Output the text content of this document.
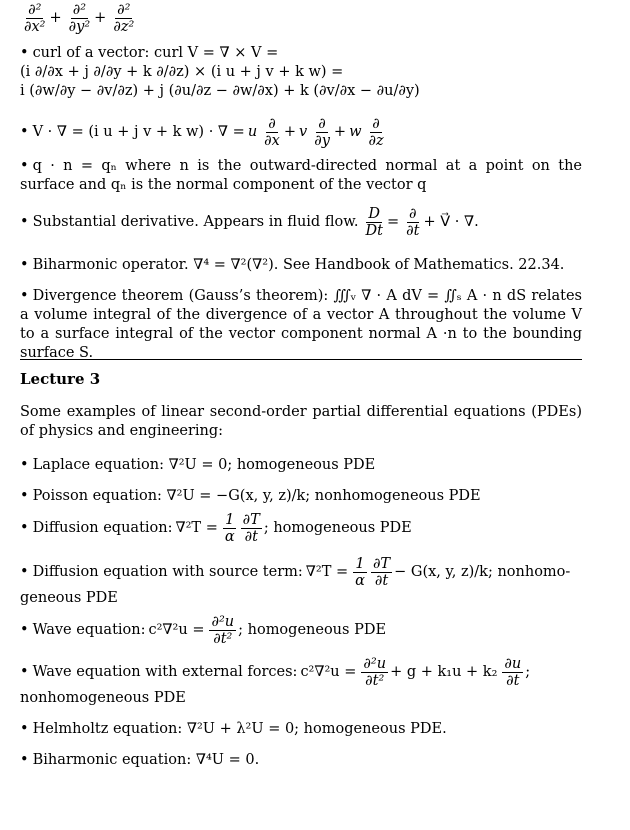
$\frac{\text{∂²}}{\text{∂x²}} + \frac{\text{∂²}}{\text{∂y²}} + \frac{\text{∂²}}{\text{∂z²}}$
• curl of a vector: curl V = ∇ × V =
(i ∂/∂x + j ∂/∂y + k ∂/∂z) × (i u + j v + k w) =
i (∂w/∂y − ∂v/∂z) + j (∂u/∂z − ∂w/∂x) + k (∂v/∂x − ∂u/∂y)
• V · ∇ = (i u + j v + k w) · ∇ = u $\frac{\partial}{\partial x} + v \frac{\partial}{\partial y} + w \frac{\partial}{\partial z}$
• q · n = qₙ where n is the outward-directed normal at a point on the surface and qₙ is the normal component of the vector q
• Substantial derivative. Appears in fluid flow. $\frac{D}{Dt} = \frac{\partial}{\partial t}$ + V⃗ · ∇.
• Biharmonic operator. ∇⁴ = ∇²(∇²). See Handbook of Mathematics. 22.34.
• Divergence theorem (Gauss’s theorem): ∭ᵥ ∇ · A dV = ∬ₛ A · n dS relates a volume integral of the divergence of a vector A throughout the volume V to a surface integral of the vector component normal A ·n to the bounding surface S.
Lecture 3
Some examples of linear second-order partial differential equations (PDEs) of physics and engineering:
• Laplace equation: ∇²U = 0; homogeneous PDE
• Poisson equation: ∇²U = −G(x, y, z)/k; nonhomogeneous PDE
• Diffusion equation: $\nabla^2T = \frac{1}{\alpha} \frac{\partial T}{\partial t}$ ; homogeneous PDE
• Diffusion equation with source term: $\nabla^2T = \frac{1}{\alpha} \frac{\partial T}{\partial t} - G(x$, y, z)/k; nonhomo-
geneous PDE
• Wave equation: $c^2\nabla^2u = \frac{\text{∂²u}}{\text{∂t²}}$ ; homogeneous PDE
• Wave equation with external forces: $c^2\nabla^2u = \frac{\text{∂²u}}{\text{∂t²}} + g + k_1u + k_2 \frac{\partial u}{\partial t}$ ;
nonhomogeneous PDE
• Helmholtz equation: ∇²U + λ²U = 0; homogeneous PDE.
• Biharmonic equation: ∇⁴U = 0.
